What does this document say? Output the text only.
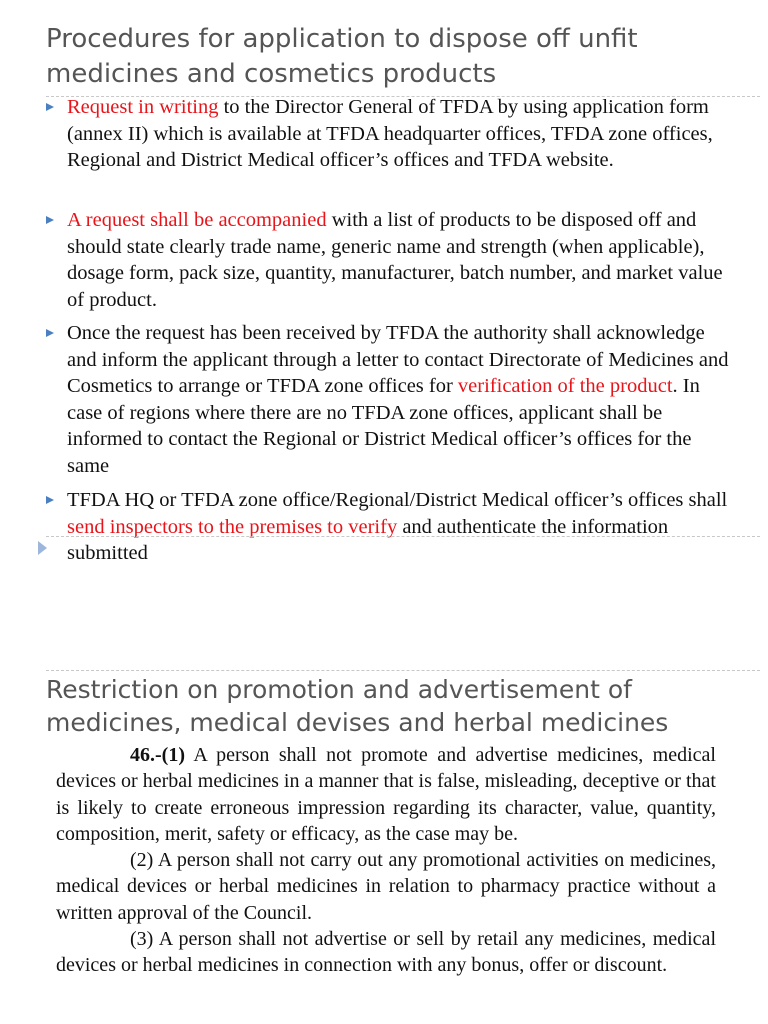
Procedures for application to dispose off unfit medicines and cosmetics products
Request in writing to the Director General of TFDA by using application form (annex II) which is available at TFDA headquarter offices, TFDA zone offices, Regional and District Medical officer’s offices and TFDA website.
A request shall be accompanied with a list of products to be disposed off and should state clearly trade name, generic name and strength (when applicable), dosage form, pack size, quantity, manufacturer, batch number, and market value of product.
Once the request has been received by TFDA the authority shall acknowledge and inform the applicant through a letter to contact Directorate of Medicines and Cosmetics to arrange or TFDA zone offices for verification of the product. In case of regions where there are no TFDA zone offices, applicant shall be informed to contact the Regional or District Medical officer’s offices for the same
TFDA HQ or TFDA zone office/Regional/District Medical officer’s offices shall send inspectors to the premises to verify and authenticate the information submitted
Restriction on promotion and advertisement of medicines, medical devises and herbal medicines

46.-(1) A person shall not promote and advertise medicines, medical devices or herbal medicines in a manner that is false, misleading, deceptive or that is likely to create erroneous impression regarding its character, value, quantity, composition, merit, safety or efficacy, as the case may be.

(2) A person shall not carry out any promotional activities on medicines, medical devices or herbal medicines in relation to pharmacy practice without a written approval of the Council.

(3) A person shall not advertise or sell by retail any medicines, medical devices or herbal medicines in connection with any bonus, offer or discount.
